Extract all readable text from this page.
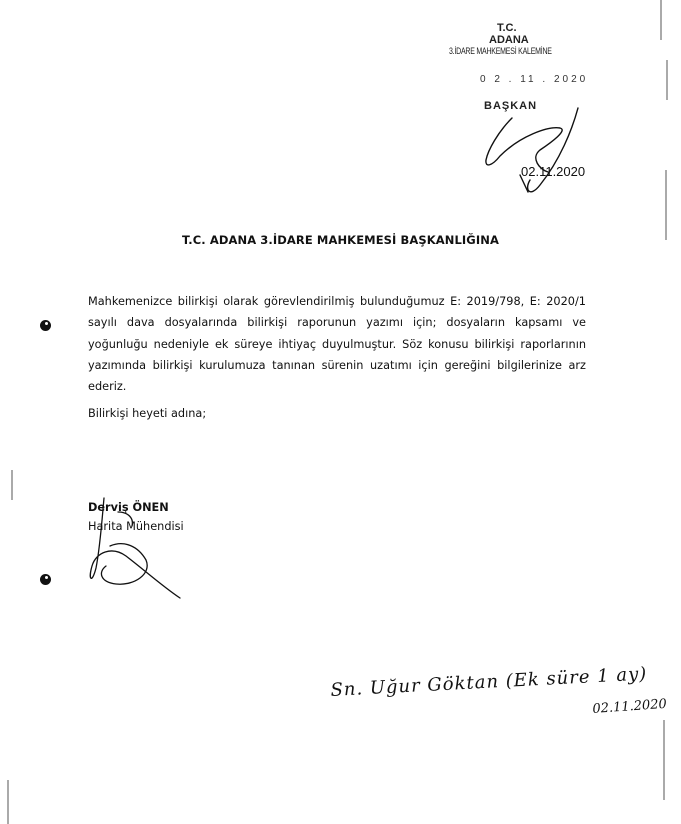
T.C.
ADANA
3.İDARE MAHKEMESİ KALEMİNE
0 2 . 11 . 2020
BAŞKAN
02.11.2020
T.C. ADANA 3.İDARE MAHKEMESİ BAŞKANLIĞINA
Mahkemenizce bilirkişi olarak görevlendirilmiş bulunduğumuz E: 2019/798, E: 2020/1 sayılı dava dosyalarında bilirkişi raporunun yazımı için; dosyaların kapsamı ve yoğunluğu nedeniyle ek süreye ihtiyaç duyulmuştur. Söz konusu bilirkişi raporlarının yazımında bilirkişi kurulumuza tanınan sürenin uzatımı için gereğini bilgilerinize arz ederiz.
Bilirkişi heyeti adına;
Derviş ÖNEN
Harita Mühendisi
Sn. Uğur Göktan (Ek süre 1 ay)
02.11.2020
